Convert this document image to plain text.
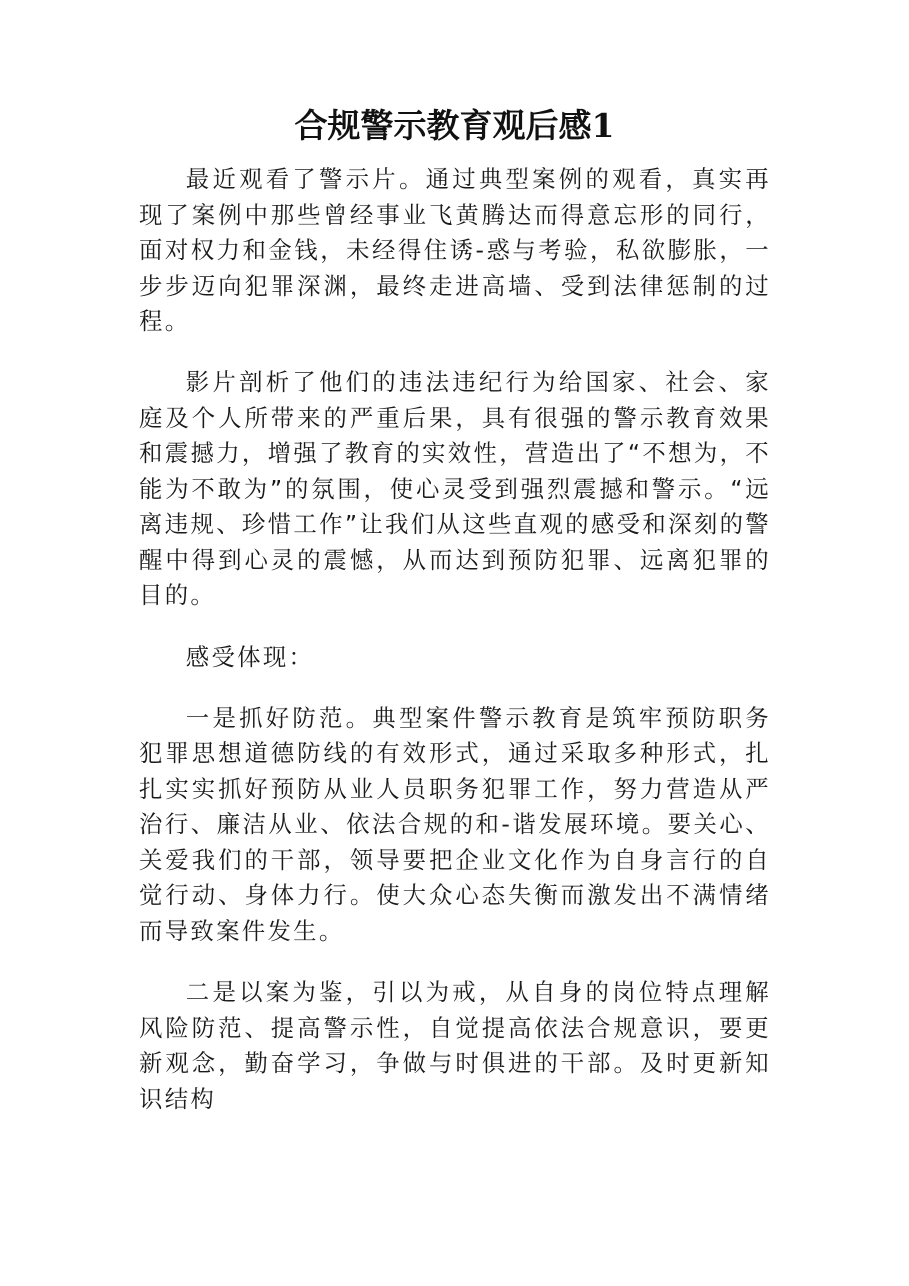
合规警示教育观后感1

最近观看了警示片。通过典型案例的观看，真实再现了案例中那些曾经事业飞黄腾达而得意忘形的同行，面对权力和金钱，未经得住诱-惑与考验，私欲膨胀，一步步迈向犯罪深渊，最终走进高墙、受到法律惩制的过程。

影片剖析了他们的违法违纪行为给国家、社会、家庭及个人所带来的严重后果，具有很强的警示教育效果和震撼力，增强了教育的实效性，营造出了“不想为，不能为不敢为”的氛围，使心灵受到强烈震撼和警示。“远离违规、珍惜工作”让我们从这些直观的感受和深刻的警醒中得到心灵的震憾，从而达到预防犯罪、远离犯罪的目的。

感受体现：

一是抓好防范。典型案件警示教育是筑牢预防职务犯罪思想道德防线的有效形式，通过采取多种形式，扎扎实实抓好预防从业人员职务犯罪工作，努力营造从严治行、廉洁从业、依法合规的和-谐发展环境。要关心、关爱我们的干部，领导要把企业文化作为自身言行的自觉行动、身体力行。使大众心态失衡而激发出不满情绪而导致案件发生。

二是以案为鉴，引以为戒，从自身的岗位特点理解风险防范、提高警示性，自觉提高依法合规意识，要更新观念，勤奋学习，争做与时俱进的干部。及时更新知识结构
